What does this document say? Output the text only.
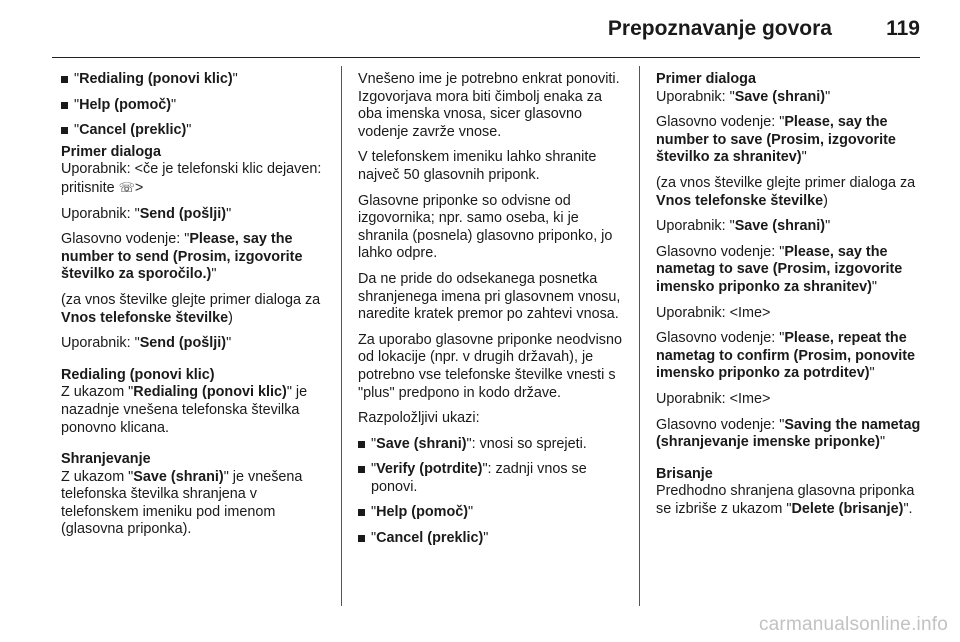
Prepoznavanje govora	119
"Redialing (ponovi klic)"
"Help (pomoč)"
"Cancel (preklic)"

Primer dialoga
Uporabnik: <če je telefonski klic dejaven: pritisnite ☏>

Uporabnik: "Send (pošlji)"

Glasovno vodenje: "Please, say the number to send (Prosim, izgovorite številko za sporočilo.)"

(za vnos številke glejte primer dialoga za Vnos telefonske številke)

Uporabnik: "Send (pošlji)"

Redialing (ponovi klic)
Z ukazom "Redialing (ponovi klic)" je nazadnje vnešena telefonska številka ponovno klicana.

Shranjevanje
Z ukazom "Save (shrani)" je vnešena telefonska številka shranjena v telefonskem imeniku pod imenom (glasovna priponka).

Vnešeno ime je potrebno enkrat ponoviti. Izgovorjava mora biti čimbolj enaka za oba imenska vnosa, sicer glasovno vodenje zavrže vnose.

V telefonskem imeniku lahko shranite največ 50 glasovnih priponk.

Glasovne priponke so odvisne od izgovornika; npr. samo oseba, ki je shranila (posnela) glasovno priponko, jo lahko odpre.

Da ne pride do odsekanega posnetka shranjenega imena pri glasovnem vnosu, naredite kratek premor po zahtevi vnosa.

Za uporabo glasovne priponke neodvisno od lokacije (npr. v drugih državah), je potrebno vse telefonske številke vnesti s "plus" predpono in kodo države.

Razpoložljivi ukazi:

"Save (shrani)": vnosi so sprejeti.
"Verify (potrdite)": zadnji vnos se ponovi.
"Help (pomoč)"
"Cancel (preklic)"

Primer dialoga
Uporabnik: "Save (shrani)"

Glasovno vodenje: "Please, say the number to save (Prosim, izgovorite številko za shranitev)"

(za vnos številke glejte primer dialoga za Vnos telefonske številke)

Uporabnik: "Save (shrani)"

Glasovno vodenje: "Please, say the nametag to save (Prosim, izgovorite imensko priponko za shranitev)"

Uporabnik: <Ime>

Glasovno vodenje: "Please, repeat the nametag to confirm (Prosim, ponovite imensko priponko za potrditev)"

Uporabnik: <Ime>

Glasovno vodenje: "Saving the nametag (shranjevanje imenske priponke)"

Brisanje
Predhodno shranjena glasovna priponka se izbriše z ukazom "Delete (brisanje)".

carmanualsonline.info
